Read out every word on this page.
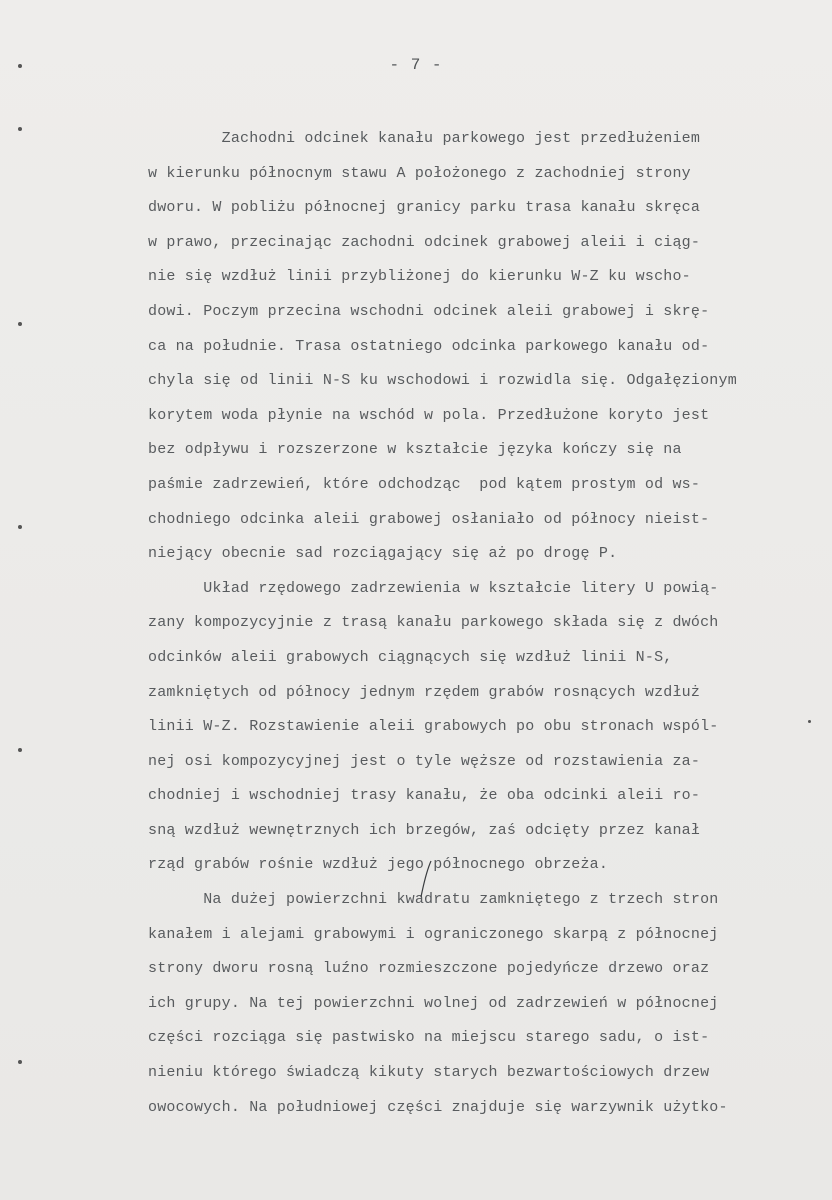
- 7 -
Zachodni odcinek kanału parkowego jest przedłużeniem
w kierunku północnym stawu A położonego z zachodniej strony
dworu. W pobliżu północnej granicy parku trasa kanału skręca
w prawo, przecinając zachodni odcinek grabowej aleii i ciąg-
nie się wzdłuż linii przybliżonej do kierunku W-Z ku wscho-
dowi. Poczym przecina wschodni odcinek aleii grabowej i skrę-
ca na południe. Trasa ostatniego odcinka parkowego kanału od-
chyla się od linii N-S ku wschodowi i rozwidla się. Odgałęzionym
korytem woda płynie na wschód w pola. Przedłużone koryto jest
bez odpływu i rozszerzone w kształcie języka kończy się na
paśmie zadrzewień, które odchodząc  pod kątem prostym od ws-
chodniego odcinka aleii grabowej osłaniało od północy nieist-
niejący obecnie sad rozciągający się aż po drogę P.
Układ rzędowego zadrzewienia w kształcie litery U powią-
zany kompozycyjnie z trasą kanału parkowego składa się z dwóch
odcinków aleii grabowych ciągnących się wzdłuż linii N-S,
zamkniętych od północy jednym rzędem grabów rosnących wzdłuż
linii W-Z. Rozstawienie aleii grabowych po obu stronach wspól-
nej osi kompozycyjnej jest o tyle węższe od rozstawienia za-
chodniej i wschodniej trasy kanału, że oba odcinki aleii ro-
sną wzdłuż wewnętrznych ich brzegów, zaś odcięty przez kanał
rząd grabów rośnie wzdłuż jego północnego obrzeża.
Na dużej powierzchni kwadratu zamkniętego z trzech stron
kanałem i alejami grabowymi i ograniczonego skarpą z północnej
strony dworu rosną luźno rozmieszczone pojedyńcze drzewo oraz
ich grupy. Na tej powierzchni wolnej od zadrzewień w północnej
części rozciąga się pastwisko na miejscu starego sadu, o ist-
nieniu którego świadczą kikuty starych bezwartościowych drzew
owocowych. Na południowej części znajduje się warzywnik użytko-
